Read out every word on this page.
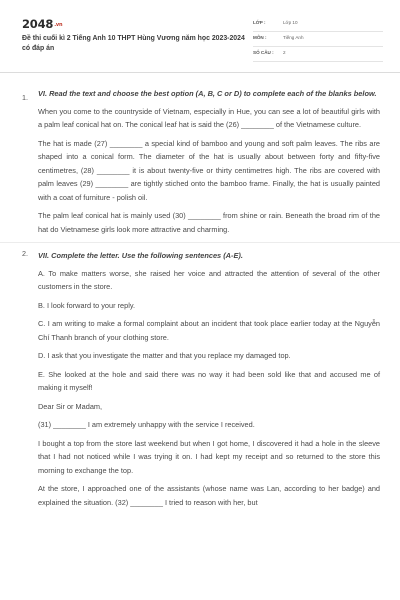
2048.vn
Đề thi cuối kì 2 Tiếng Anh 10 THPT Hùng Vương năm học 2023-2024 có đáp án
LỚP :	Lớp 10
MÔN :	Tiếng Anh
SỐ CÂU : 2
1. VI. Read the text and choose the best option (A, B, C or D) to complete each of the blanks below.

When you come to the countryside of Vietnam, especially in Hue, you can see a lot of beautiful girls with a palm leaf conical hat on. The conical leaf hat is said the (26) ________ of the Vietnamese culture.

The hat is made (27) ________ a special kind of bamboo and young and soft palm leaves. The ribs are shaped into a conical form. The diameter of the hat is usually about between forty and fifty-five centimetres, (28) ________ it is about twenty-five or thirty centimetres high. The ribs are covered with palm leaves (29) ________ are tightly stiched onto the bamboo frame. Finally, the hat is usually painted with a coat of furniture - polish oil.

The palm leaf conical hat is mainly used (30) ________ from shine or rain. Beneath the broad rim of the hat do Vietnamese girls look more attractive and charming.

2. VII. Complete the letter. Use the following sentences (A-E).

A. To make matters worse, she raised her voice and attracted the attention of several of the other customers in the store.

B. I look forward to your reply.

C. I am writing to make a formal complaint about an incident that took place earlier today at the Nguyễn Chí Thanh branch of your clothing store.

D. I ask that you investigate the matter and that you replace my damaged top.

E. She looked at the hole and said there was no way it had been sold like that and accused me of making it myself!

Dear Sir or Madam,

(31) ________ I am extremely unhappy with the service I received.

I bought a top from the store last weekend but when I got home, I discovered it had a hole in the sleeve that I had not noticed while I was trying it on. I had kept my receipt and so returned to the store this morning to exchange the top.

At the store, I approached one of the assistants (whose name was Lan, according to her badge) and explained the situation. (32) ________ I tried to reason with her, but
